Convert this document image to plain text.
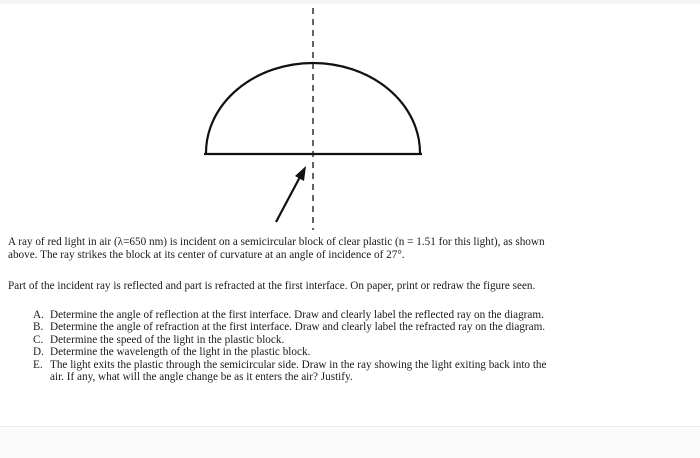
A ray of red light in air (λ=650 nm) is incident on a semicircular block of clear plastic (n = 1.51 for this light), as shown
above. The ray strikes the block at its center of curvature at an angle of incidence of 27°.

Part of the incident ray is reflected and part is refracted at the first interface. On paper, print or redraw the figure seen.

A. Determine the angle of reflection at the first interface. Draw and clearly label the reflected ray on the diagram.
B. Determine the angle of refraction at the first interface. Draw and clearly label the refracted ray on the diagram.
C. Determine the speed of the light in the plastic block.
D. Determine the wavelength of the light in the plastic block.
E. The light exits the plastic through the semicircular side. Draw in the ray showing the light exiting back into the
air. If any, what will the angle change be as it enters the air? Justify.
